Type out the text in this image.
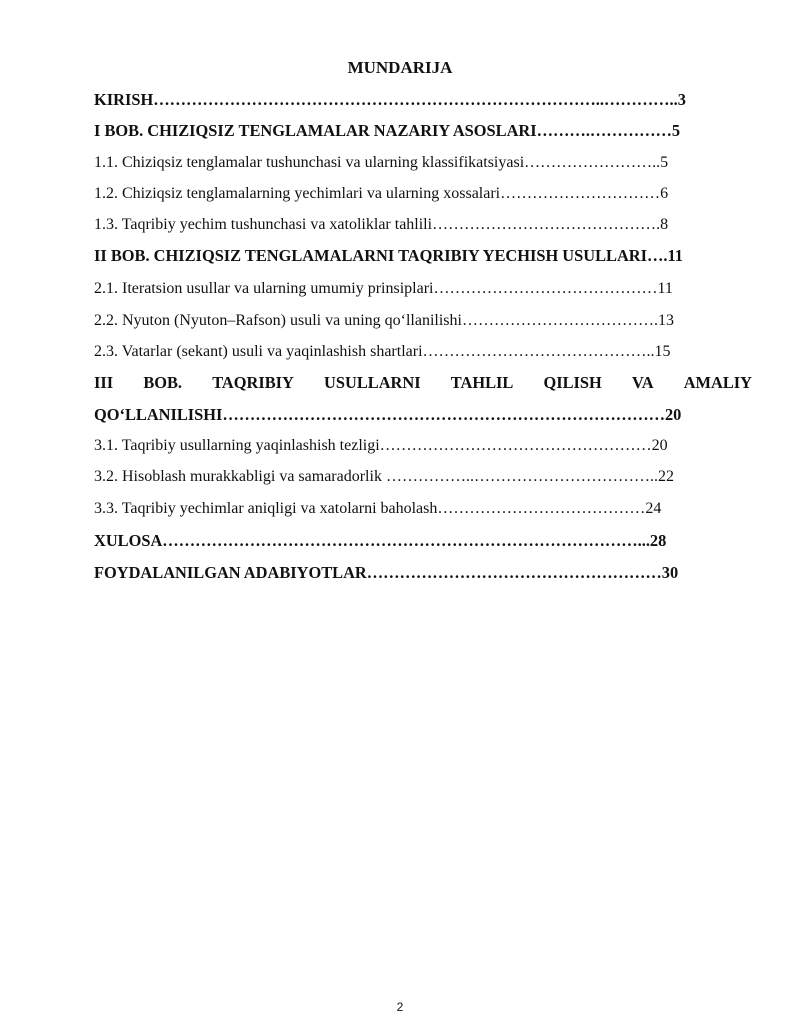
MUNDARIJA
KIRISH………………………………………………………………………..…………..3
I BOB. CHIZIQSIZ TENGLAMALAR NAZARIY ASOSLARI……….……………5
1.1. Chiziqsiz tenglamalar tushunchasi va ularning klassifikatsiyasi……………………..5
1.2. Chiziqsiz tenglamalarning yechimlari va ularning xossalari…………………………6
1.3. Taqribiy yechim tushunchasi va xatoliklar tahlili…………………………………….8
II BOB. CHIZIQSIZ TENGLAMALARNI TAQRIBIY YECHISH USULLARI….11
2.1. Iteratsion usullar va ularning umumiy prinsiplari……………………………………11
2.2. Nyuton (Nyuton–Rafson) usuli va uning qo‘llanilishi……………………………….13
2.3. Vatarlar (sekant) usuli va yaqinlashish shartlari……………………………………..15
III BOB. TAQRIBIY USULLARNI TAHLIL QILISH VA AMALIY
QO‘LLANILISHI………………………………………………………………………20
3.1. Taqribiy usullarning yaqinlashish tezligi……………………………………………20
3.2. Hisoblash murakkabligi va samaradorlik ……………..……………………………..22
3.3. Taqribiy yechimlar aniqligi va xatolarni baholash…………………………………24
XULOSA……………………………………………………………………………...28
FOYDALANILGAN ADABIYOTLAR………………………………………………30
2
